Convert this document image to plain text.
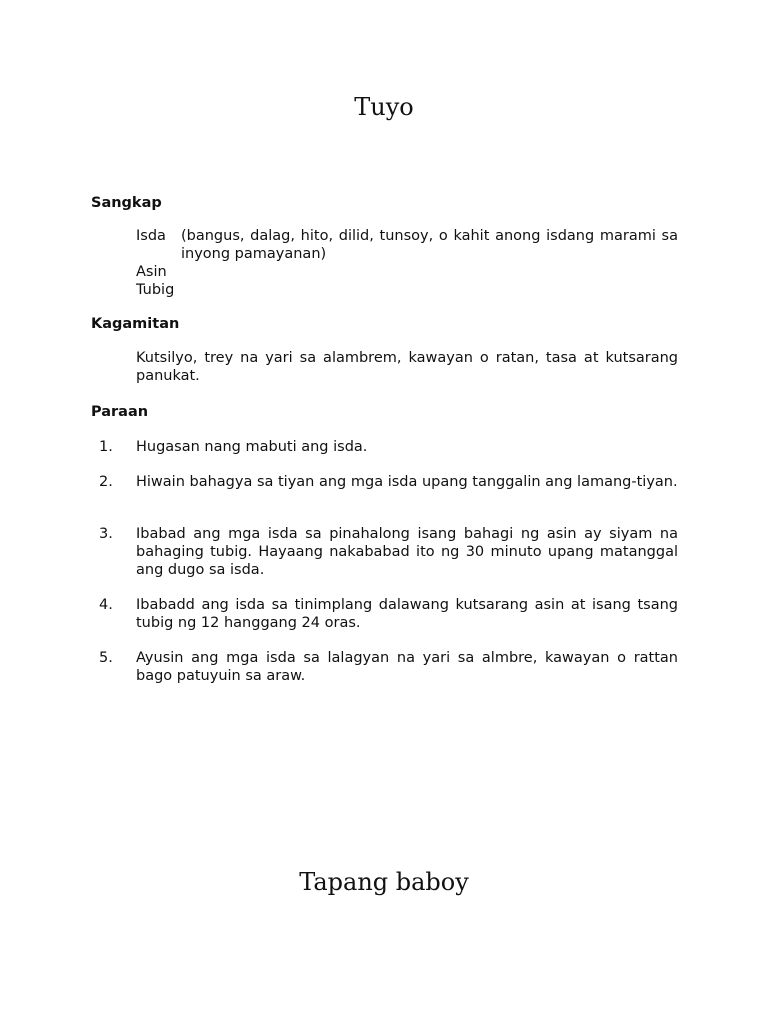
Tuyo
Sangkap
Isda (bangus, dalag, hito, dilid, tunsoy, o kahit anong isdang marami sa inyong pamayanan)
Asin
Tubig
Kagamitan

Kutsilyo, trey na yari sa alambrem, kawayan o ratan, tasa at kutsarang panukat.

Paraan
1. Hugasan nang mabuti ang isda.
2. Hiwain bahagya sa tiyan ang mga isda upang tanggalin ang lamang-tiyan.
3. Ibabad ang mga isda sa pinahalong isang bahagi ng asin ay siyam na bahaging tubig. Hayaang nakababad ito ng 30 minuto upang matanggal ang dugo sa isda.
4. Ibabadd ang isda sa tinimplang dalawang kutsarang asin at isang tsang tubig ng 12 hanggang 24 oras.
5. Ayusin ang mga isda sa lalagyan na yari sa almbre, kawayan o rattan bago patuyuin sa araw.
Tapang baboy
